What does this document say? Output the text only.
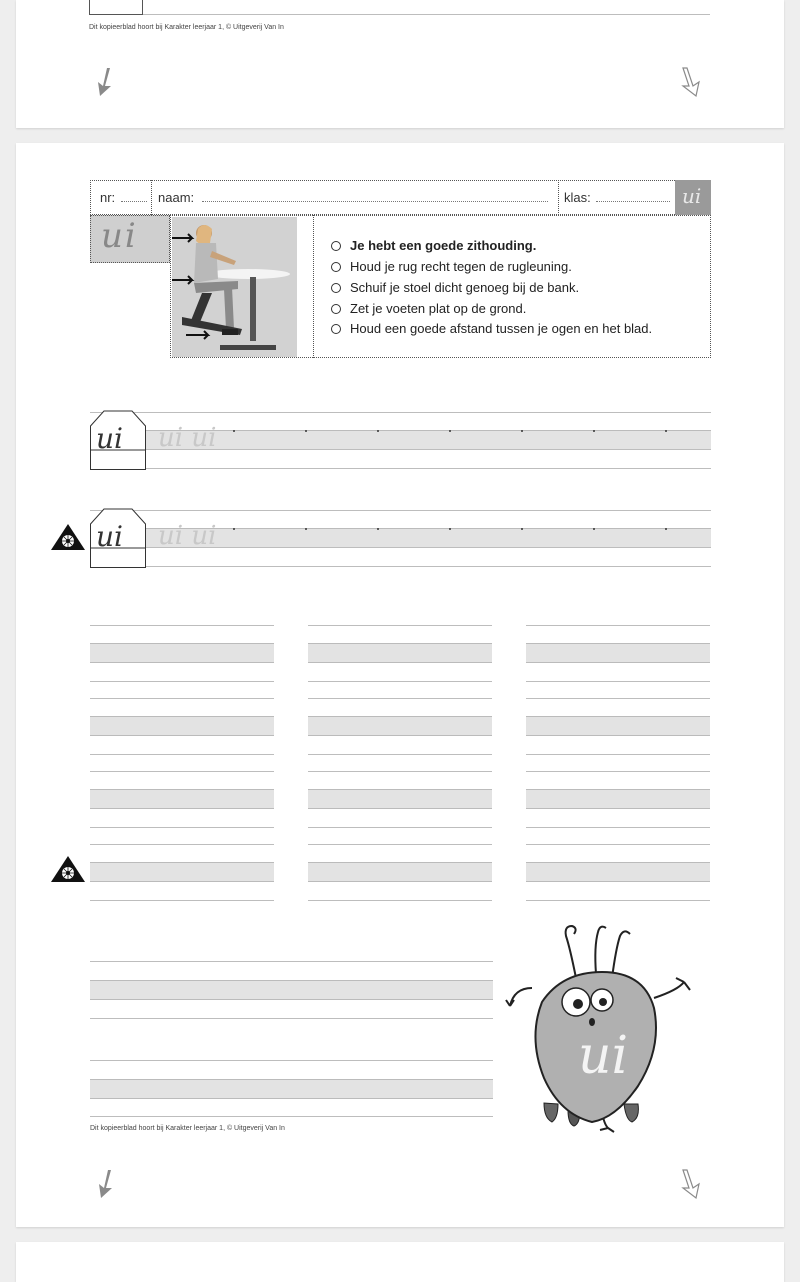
Dit kopieerblad hoort bij Karakter leerjaar 1, © Uitgeverij Van In
nr:	naam:	klas:	ui
ui	Je hebt een goede zithouding.
Houd je rug recht tegen de rugleuning.
Schuif je stoel dicht genoeg bij de bank.
Zet je voeten plat op de grond.
Houd een goede afstand tussen je ogen en het blad.
ui ui ui
ui ui ui
ui
Dit kopieerblad hoort bij Karakter leerjaar 1, © Uitgeverij Van In
